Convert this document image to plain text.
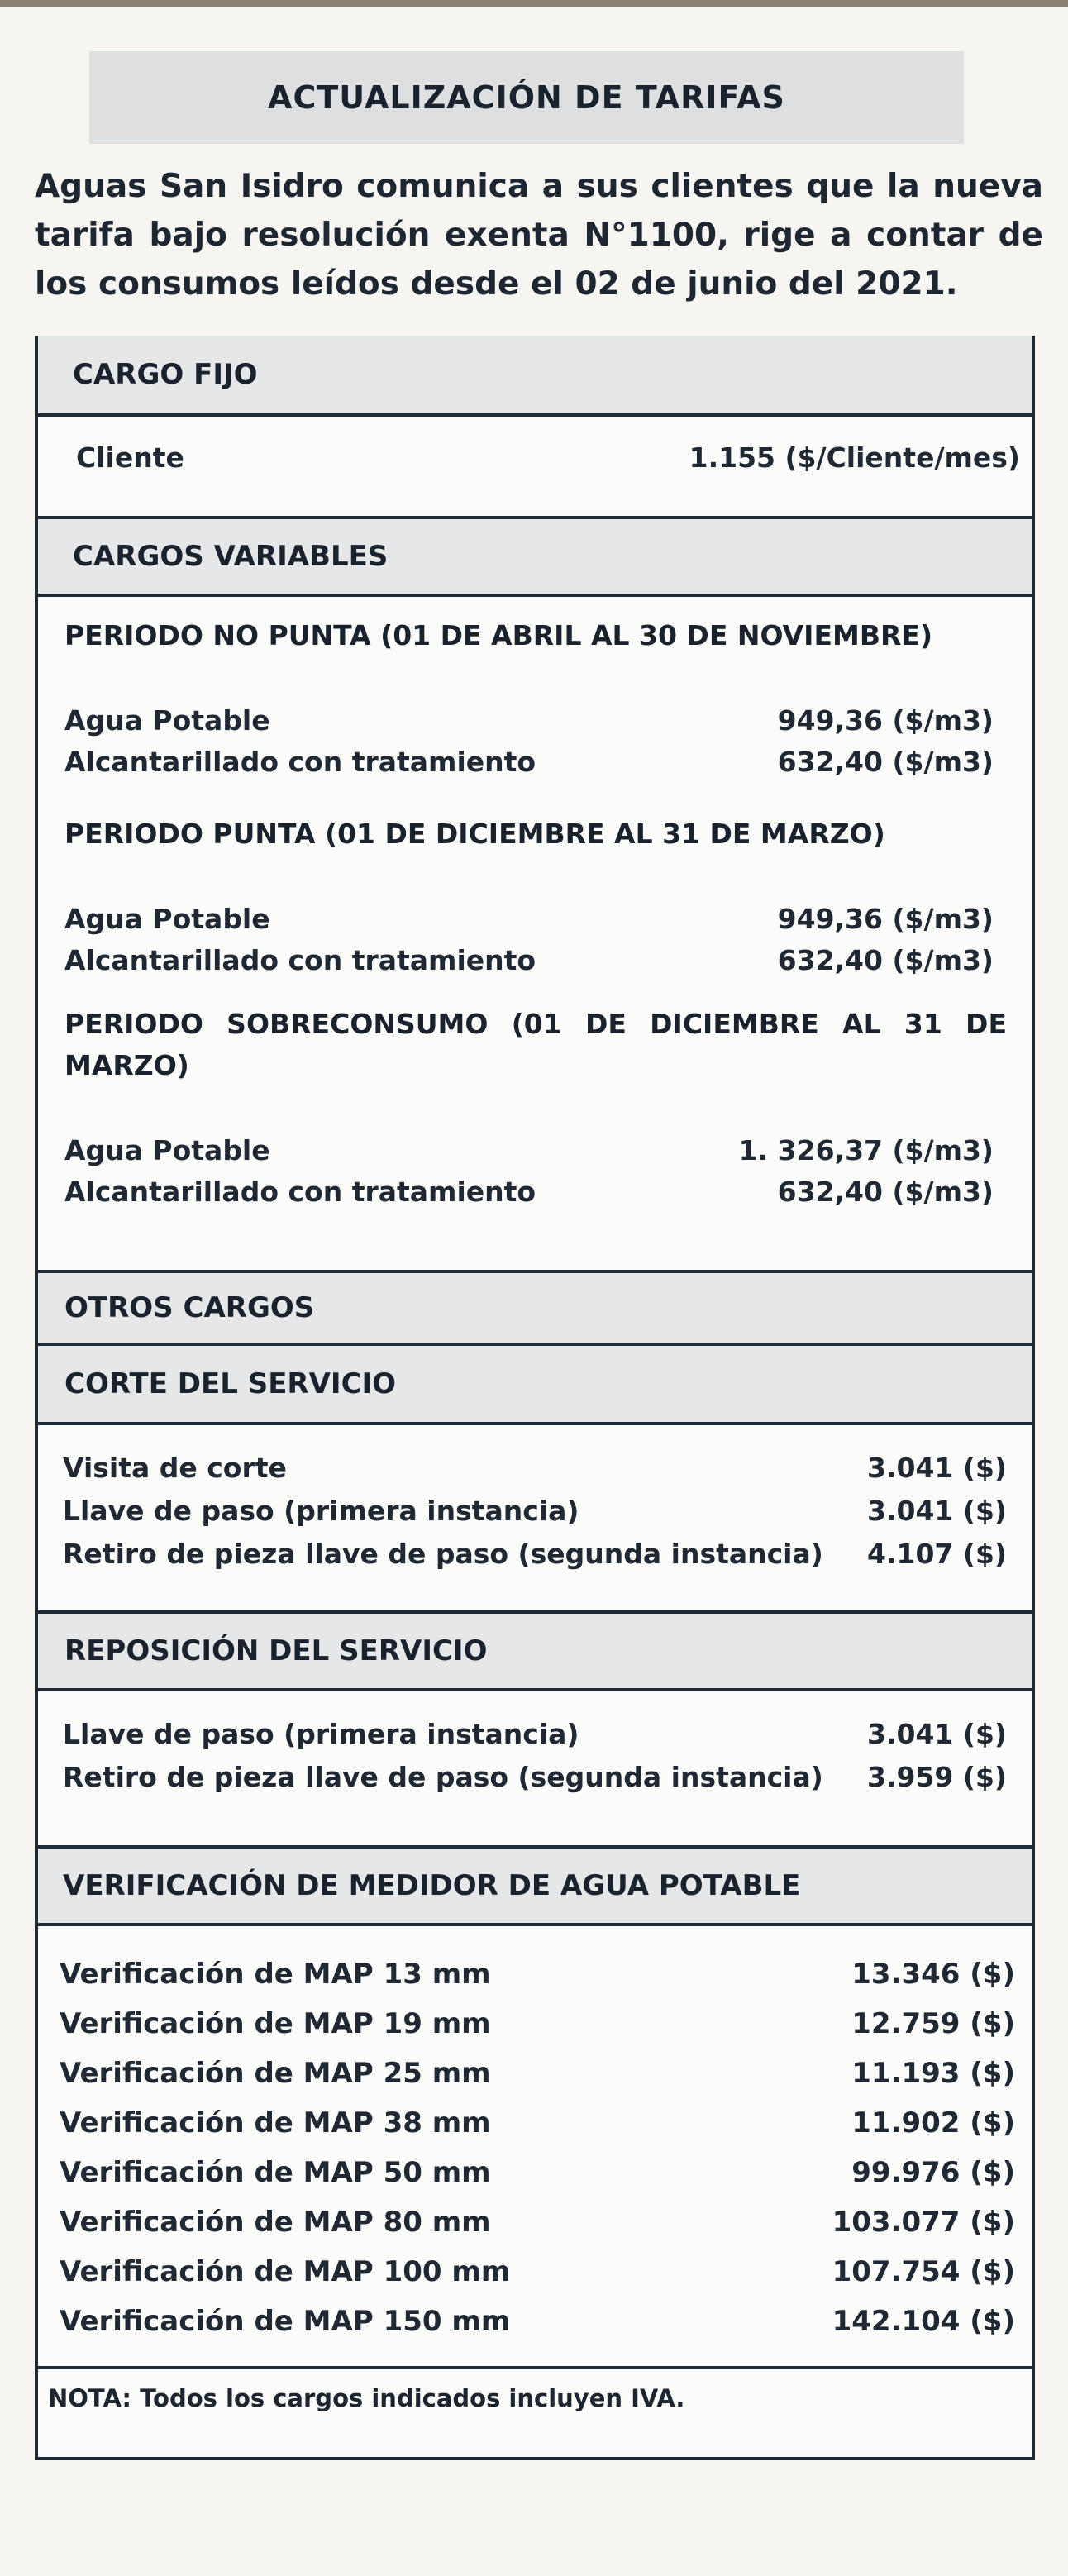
ACTUALIZACIÓN DE TARIFAS
Aguas San Isidro comunica a sus clientes que la nueva tarifa bajo resolución exenta N°1100, rige a contar de los consumos leídos desde el 02 de junio del 2021.
CARGO FIJO
Cliente	1.155 ($/Cliente/mes)
CARGOS VARIABLES
PERIODO NO PUNTA (01 DE ABRIL AL 30 DE NOVIEMBRE)
Agua Potable	949,36 ($/m3)
Alcantarillado con tratamiento	632,40 ($/m3)
PERIODO PUNTA (01 DE DICIEMBRE AL 31 DE MARZO)
Agua Potable	949,36 ($/m3)
Alcantarillado con tratamiento	632,40 ($/m3)
PERIODO SOBRECONSUMO (01 DE DICIEMBRE AL 31 DE MARZO)
Agua Potable	1. 326,37 ($/m3)
Alcantarillado con tratamiento	632,40 ($/m3)
OTROS CARGOS
CORTE DEL SERVICIO
Visita de corte	3.041 ($)
Llave de paso (primera instancia)	3.041 ($)
Retiro de pieza llave de paso (segunda instancia) 4.107 ($)
REPOSICIÓN DEL SERVICIO
Llave de paso (primera instancia)	3.041 ($)
Retiro de pieza llave de paso (segunda instancia) 3.959 ($)
VERIFICACIÓN DE MEDIDOR DE AGUA POTABLE
Verificación de MAP 13 mm	13.346 ($)
Verificación de MAP 19 mm	12.759 ($)
Verificación de MAP 25 mm	11.193 ($)
Verificación de MAP 38 mm	11.902 ($)
Verificación de MAP 50 mm	99.976 ($)
Verificación de MAP 80 mm	103.077 ($)
Verificación de MAP 100 mm	107.754 ($)
Verificación de MAP 150 mm	142.104 ($)
NOTA: Todos los cargos indicados incluyen IVA.
